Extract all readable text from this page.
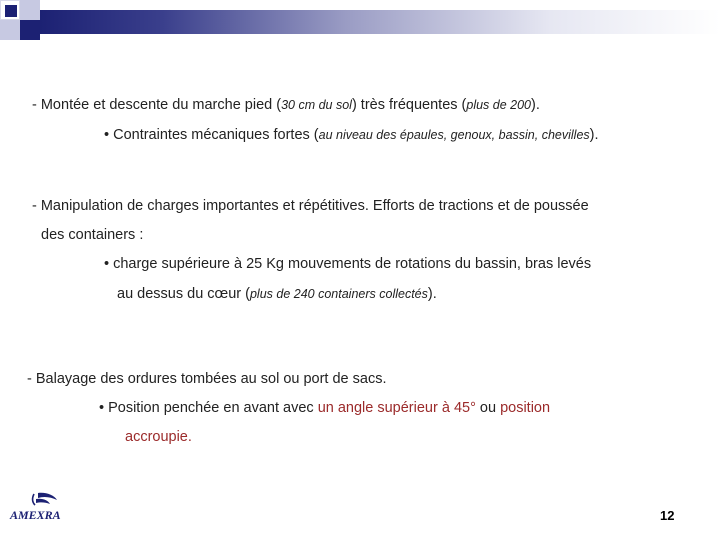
- Montée et descente du marche pied (30 cm du sol) très fréquentes (plus de 200).
• Contraintes mécaniques fortes (au niveau des épaules, genoux, bassin, chevilles).
- Manipulation de charges importantes et répétitives. Efforts de tractions et de poussée
des containers :
• charge supérieure à 25 Kg mouvements de rotations du bassin, bras levés
au dessus du cœur (plus de 240 containers collectés).
- Balayage des ordures tombées au sol ou port de sacs.
• Position penchée en avant avec un angle supérieur à 45° ou position
accroupie.
AMEXRA	12
